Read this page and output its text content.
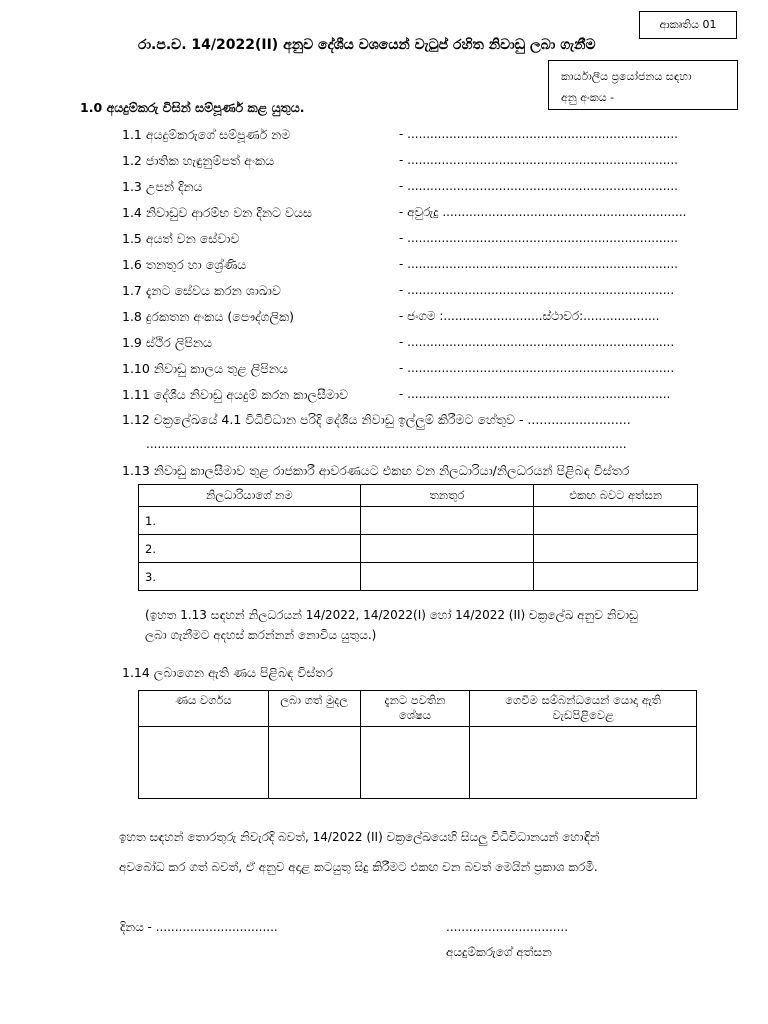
ආකෘතිය 01
රා.ප.ච. 14/2022(II) අනුව දේශීය වශයෙන් වැටුප් රහිත නිවාඩු ලබා ගැනීම
කාර්යාලීය ප්‍රයෝජනය සඳහා
අනු අංකය -
1.0 අයදුම්කරු විසින් සම්පූර්ණ කළ යුතුය.
1.1 අයදුම්කරුගේ සම්පූර්ණ නම	- .......................................................................
1.2 ජාතික හැඳුනුම්පත් අංකය	- .......................................................................
1.3 උපන් දිනය	- .......................................................................
1.4 නිවාඩුව ආරම්භ වන දිනට වයස	- අවුරුදු ................................................................
1.5 අයත් වන සේවාව	- .......................................................................
1.6 තනතුර හා ශ්‍රේණිය	- .......................................................................
1.7 දැනට සේවය කරන ශාඛාව	- ......................................................................
1.8 දුරකතන අංකය (පෞද්ගලික)	- ජංගම :..........................ස්ථාවර:....................
1.9 ස්ථිර ලිපිනය	- ......................................................................
1.10 නිවාඩු කාලය තුළ ලිපිනය	- ......................................................................
1.11 දේශීය නිවාඩු අයදුම් කරන කාලසීමාව	- .....................................................................
1.12 චක්‍රලේඛයේ 4.1 විධිවිධාන පරිදි දේශීය නිවාඩු ඉල්ලුම් කිරීමට හේතුව - ..........................
..............................................................................................................................
1.13 නිවාඩු කාලසීමාව තුළ රාජකාරී ආවරණයට එකඟ වන නිලධාරියා/නිලධරයන් පිළිබඳ විස්තර
නිලධාරියාගේ නම	තනතුර	එකඟ බවට අත්සන
1.		
2.		
3.		
(ඉහත 1.13 සඳහන් නිලධරයන් 14/2022, 14/2022(I) හෝ 14/2022 (II) චක්‍රලේඛ අනුව නිවාඩු
ලබා ගැනීමට අදහස් කරන්නන් නොවිය යුතුය.)
1.14 ලබාගෙන ඇති ණය පිළිබඳ විස්තර
ණය වර්ගය	ලබා ගත් මුදල	දැනට පවතින ශේෂය	ගෙවීම සම්බන්ධයෙන් යොදා ඇති වැඩපිළිවෙළ

ඉහත සඳහන් තොරතුරු නිවැරදි බවත්, 14/2022 (II) චක්‍රලේඛයෙහි සියලු විධිවිධානයන් හොඳින්
අවබෝධ කර ගත් බවත්, ඒ අනුව අදාළ කටයුතු සිදු කිරීමට එකඟ වන බවත් මෙයින් ප්‍රකාශ කරමි.
දිනය - ................................	................................
අයදුම්කරුගේ අත්සන
